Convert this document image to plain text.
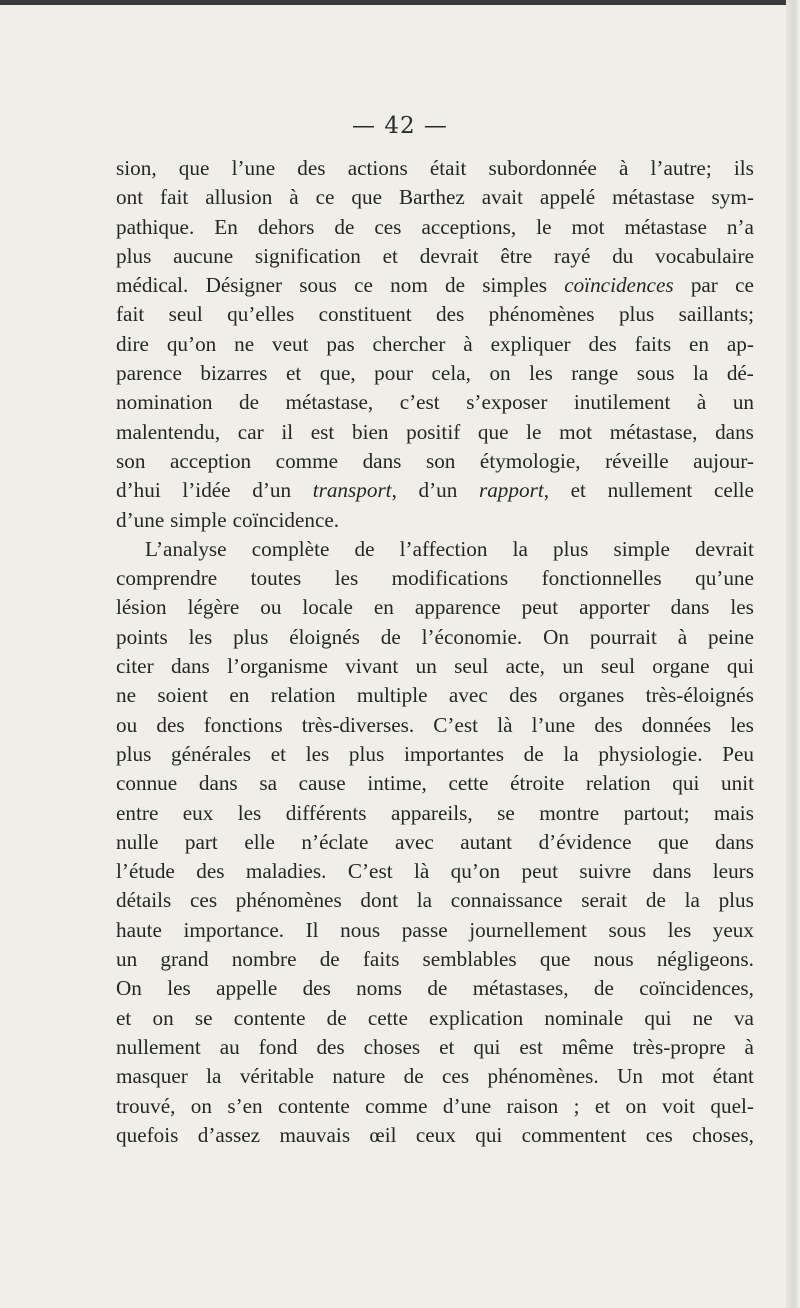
— 42 —
sion, que l’une des actions était subordonnée à l’autre; ils
ont fait allusion à ce que Barthez avait appelé métastase sym-
pathique. En dehors de ces acceptions, le mot métastase n’a
plus aucune signification et devrait être rayé du vocabulaire
médical. Désigner sous ce nom de simples coïncidences par ce
fait seul qu’elles constituent des phénomènes plus saillants;
dire qu’on ne veut pas chercher à expliquer des faits en ap-
parence bizarres et que, pour cela, on les range sous la dé-
nomination de métastase, c’est s’exposer inutilement à un
malentendu, car il est bien positif que le mot métastase, dans
son acception comme dans son étymologie, réveille aujour-
d’hui l’idée d’un transport, d’un rapport, et nullement celle
d’une simple coïncidence.
L’analyse complète de l’affection la plus simple devrait
comprendre toutes les modifications fonctionnelles qu’une
lésion légère ou locale en apparence peut apporter dans les
points les plus éloignés de l’économie. On pourrait à peine
citer dans l’organisme vivant un seul acte, un seul organe qui
ne soient en relation multiple avec des organes très-éloignés
ou des fonctions très-diverses. C’est là l’une des données les
plus générales et les plus importantes de la physiologie. Peu
connue dans sa cause intime, cette étroite relation qui unit
entre eux les différents appareils, se montre partout; mais
nulle part elle n’éclate avec autant d’évidence que dans
l’étude des maladies. C’est là qu’on peut suivre dans leurs
détails ces phénomènes dont la connaissance serait de la plus
haute importance. Il nous passe journellement sous les yeux
un grand nombre de faits semblables que nous négligeons.
On les appelle des noms de métastases, de coïncidences,
et on se contente de cette explication nominale qui ne va
nullement au fond des choses et qui est même très-propre à
masquer la véritable nature de ces phénomènes. Un mot étant
trouvé, on s’en contente comme d’une raison ; et on voit quel-
quefois d’assez mauvais œil ceux qui commentent ces choses,
